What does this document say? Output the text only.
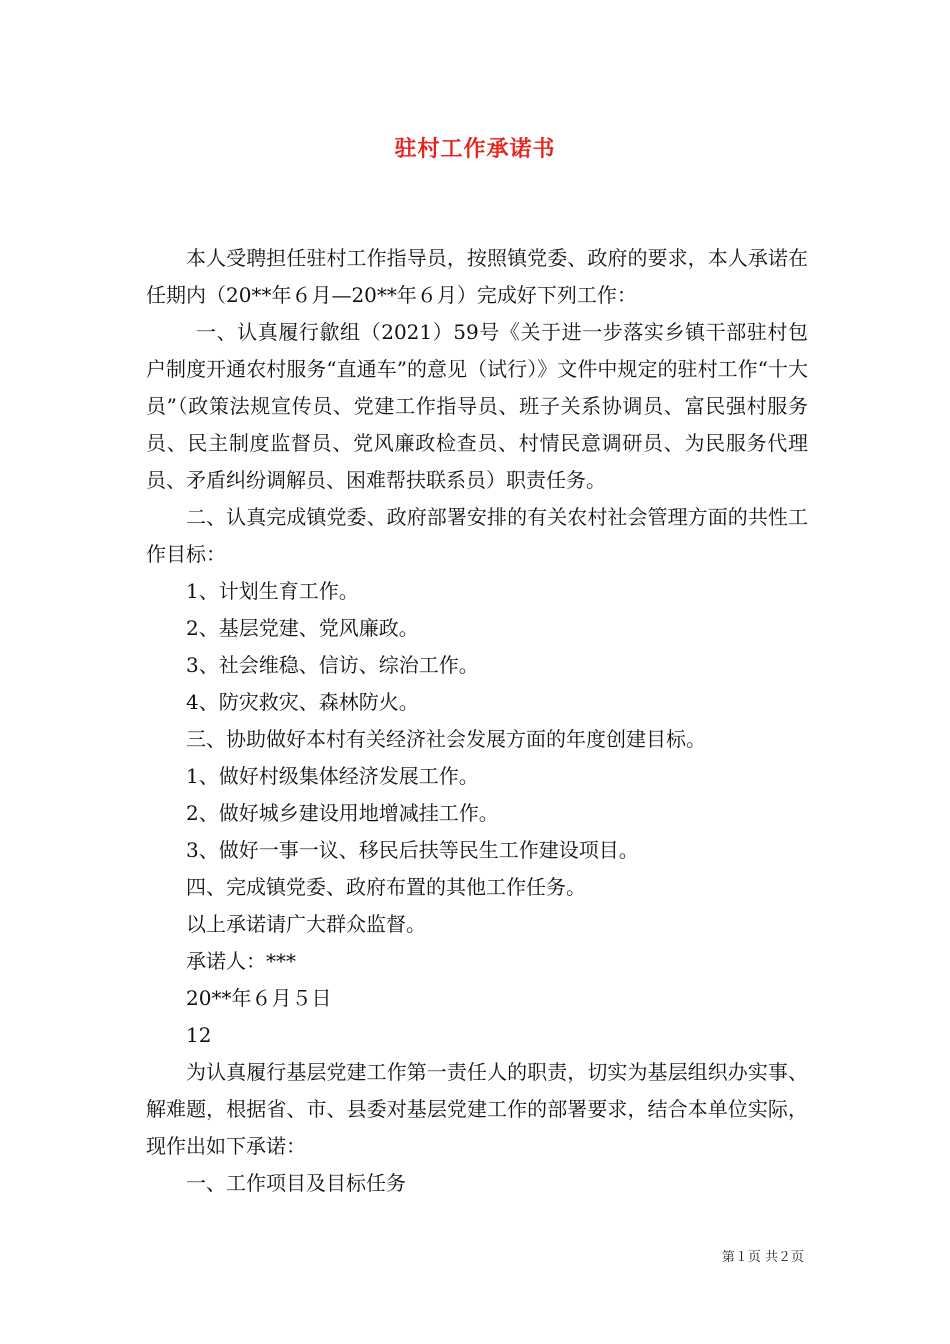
驻村工作承诺书

本人受聘担任驻村工作指导员，按照镇党委、政府的要求，本人承诺在任期内（20**年６月—20**年６月）完成好下列工作：

一、认真履行歙组（2021）59号《关于进一步落实乡镇干部驻村包户制度开通农村服务“直通车”的意见（试行）》文件中规定的驻村工作“十大员”（政策法规宣传员、党建工作指导员、班子关系协调员、富民强村服务员、民主制度监督员、党风廉政检查员、村情民意调研员、为民服务代理员、矛盾纠纷调解员、困难帮扶联系员）职责任务。

二、认真完成镇党委、政府部署安排的有关农村社会管理方面的共性工作目标：

1、计划生育工作。

2、基层党建、党风廉政。

3、社会维稳、信访、综治工作。

4、防灾救灾、森林防火。

三、协助做好本村有关经济社会发展方面的年度创建目标。

1、做好村级集体经济发展工作。

2、做好城乡建设用地增减挂工作。

3、做好一事一议、移民后扶等民生工作建设项目。

四、完成镇党委、政府布置的其他工作任务。

以上承诺请广大群众监督。

承诺人：***

20**年６月５日

12

为认真履行基层党建工作第一责任人的职责，切实为基层组织办实事、解难题，根据省、市、县委对基层党建工作的部署要求，结合本单位实际，现作出如下承诺：

一、工作项目及目标任务

第１页 共２页
